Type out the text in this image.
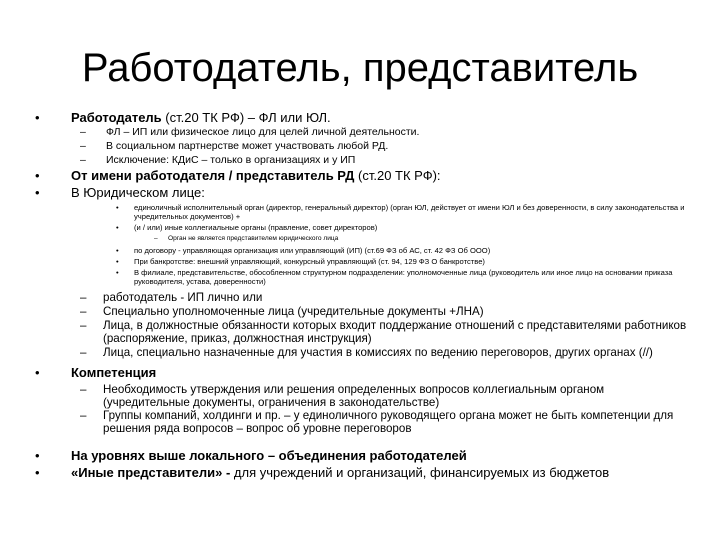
Работодатель, представитель
• Работодатель (ст.20 ТК РФ) – ФЛ или ЮЛ.
– ФЛ – ИП или физическое лицо для целей личной деятельности.
– В социальном партнерстве может участвовать любой РД.
– Исключение: КДиС – только в организациях и у ИП
• От имени работодателя / представитель РД (ст.20 ТК РФ):
• В Юридическом лице:
• единоличный исполнительный орган (директор, генеральный директор) (орган ЮЛ, действует от имени ЮЛ и без доверенности, в силу законодательства и учредительных документов) +
• (и / или) иные коллегиальные органы (правление, совет директоров)
– Орган не является представителем юридического лица
• по договору - управляющая организация или управляющий (ИП) (ст.69 ФЗ об АС, ст. 42 ФЗ Об ООО)
• При банкротстве: внешний управляющий, конкурсный управляющий (ст. 94, 129 ФЗ О банкротстве)
• В филиале, представительстве, обособленном структурном подразделении: уполномоченные лица (руководитель или иное лицо на основании приказа руководителя, устава, доверенности)
– работодатель - ИП лично или
– Специально уполномоченные лица (учредительные документы +ЛНА)
– Лица, в должностные обязанности которых входит поддержание отношений с представителями работников (распоряжение, приказ, должностная инструкция)
– Лица, специально назначенные для участия в комиссиях по ведению переговоров, других органах (//)
• Компетенция
– Необходимость утверждения или решения определенных вопросов коллегиальным органом (учредительные документы, ограничения в законодательстве)
– Группы компаний, холдинги и пр. – у единоличного руководящего органа может не быть компетенции для решения ряда вопросов – вопрос об уровне переговоров
• На уровнях выше локального – объединения работодателей
• «Иные представители» - для учреждений и организаций, финансируемых из бюджетов
